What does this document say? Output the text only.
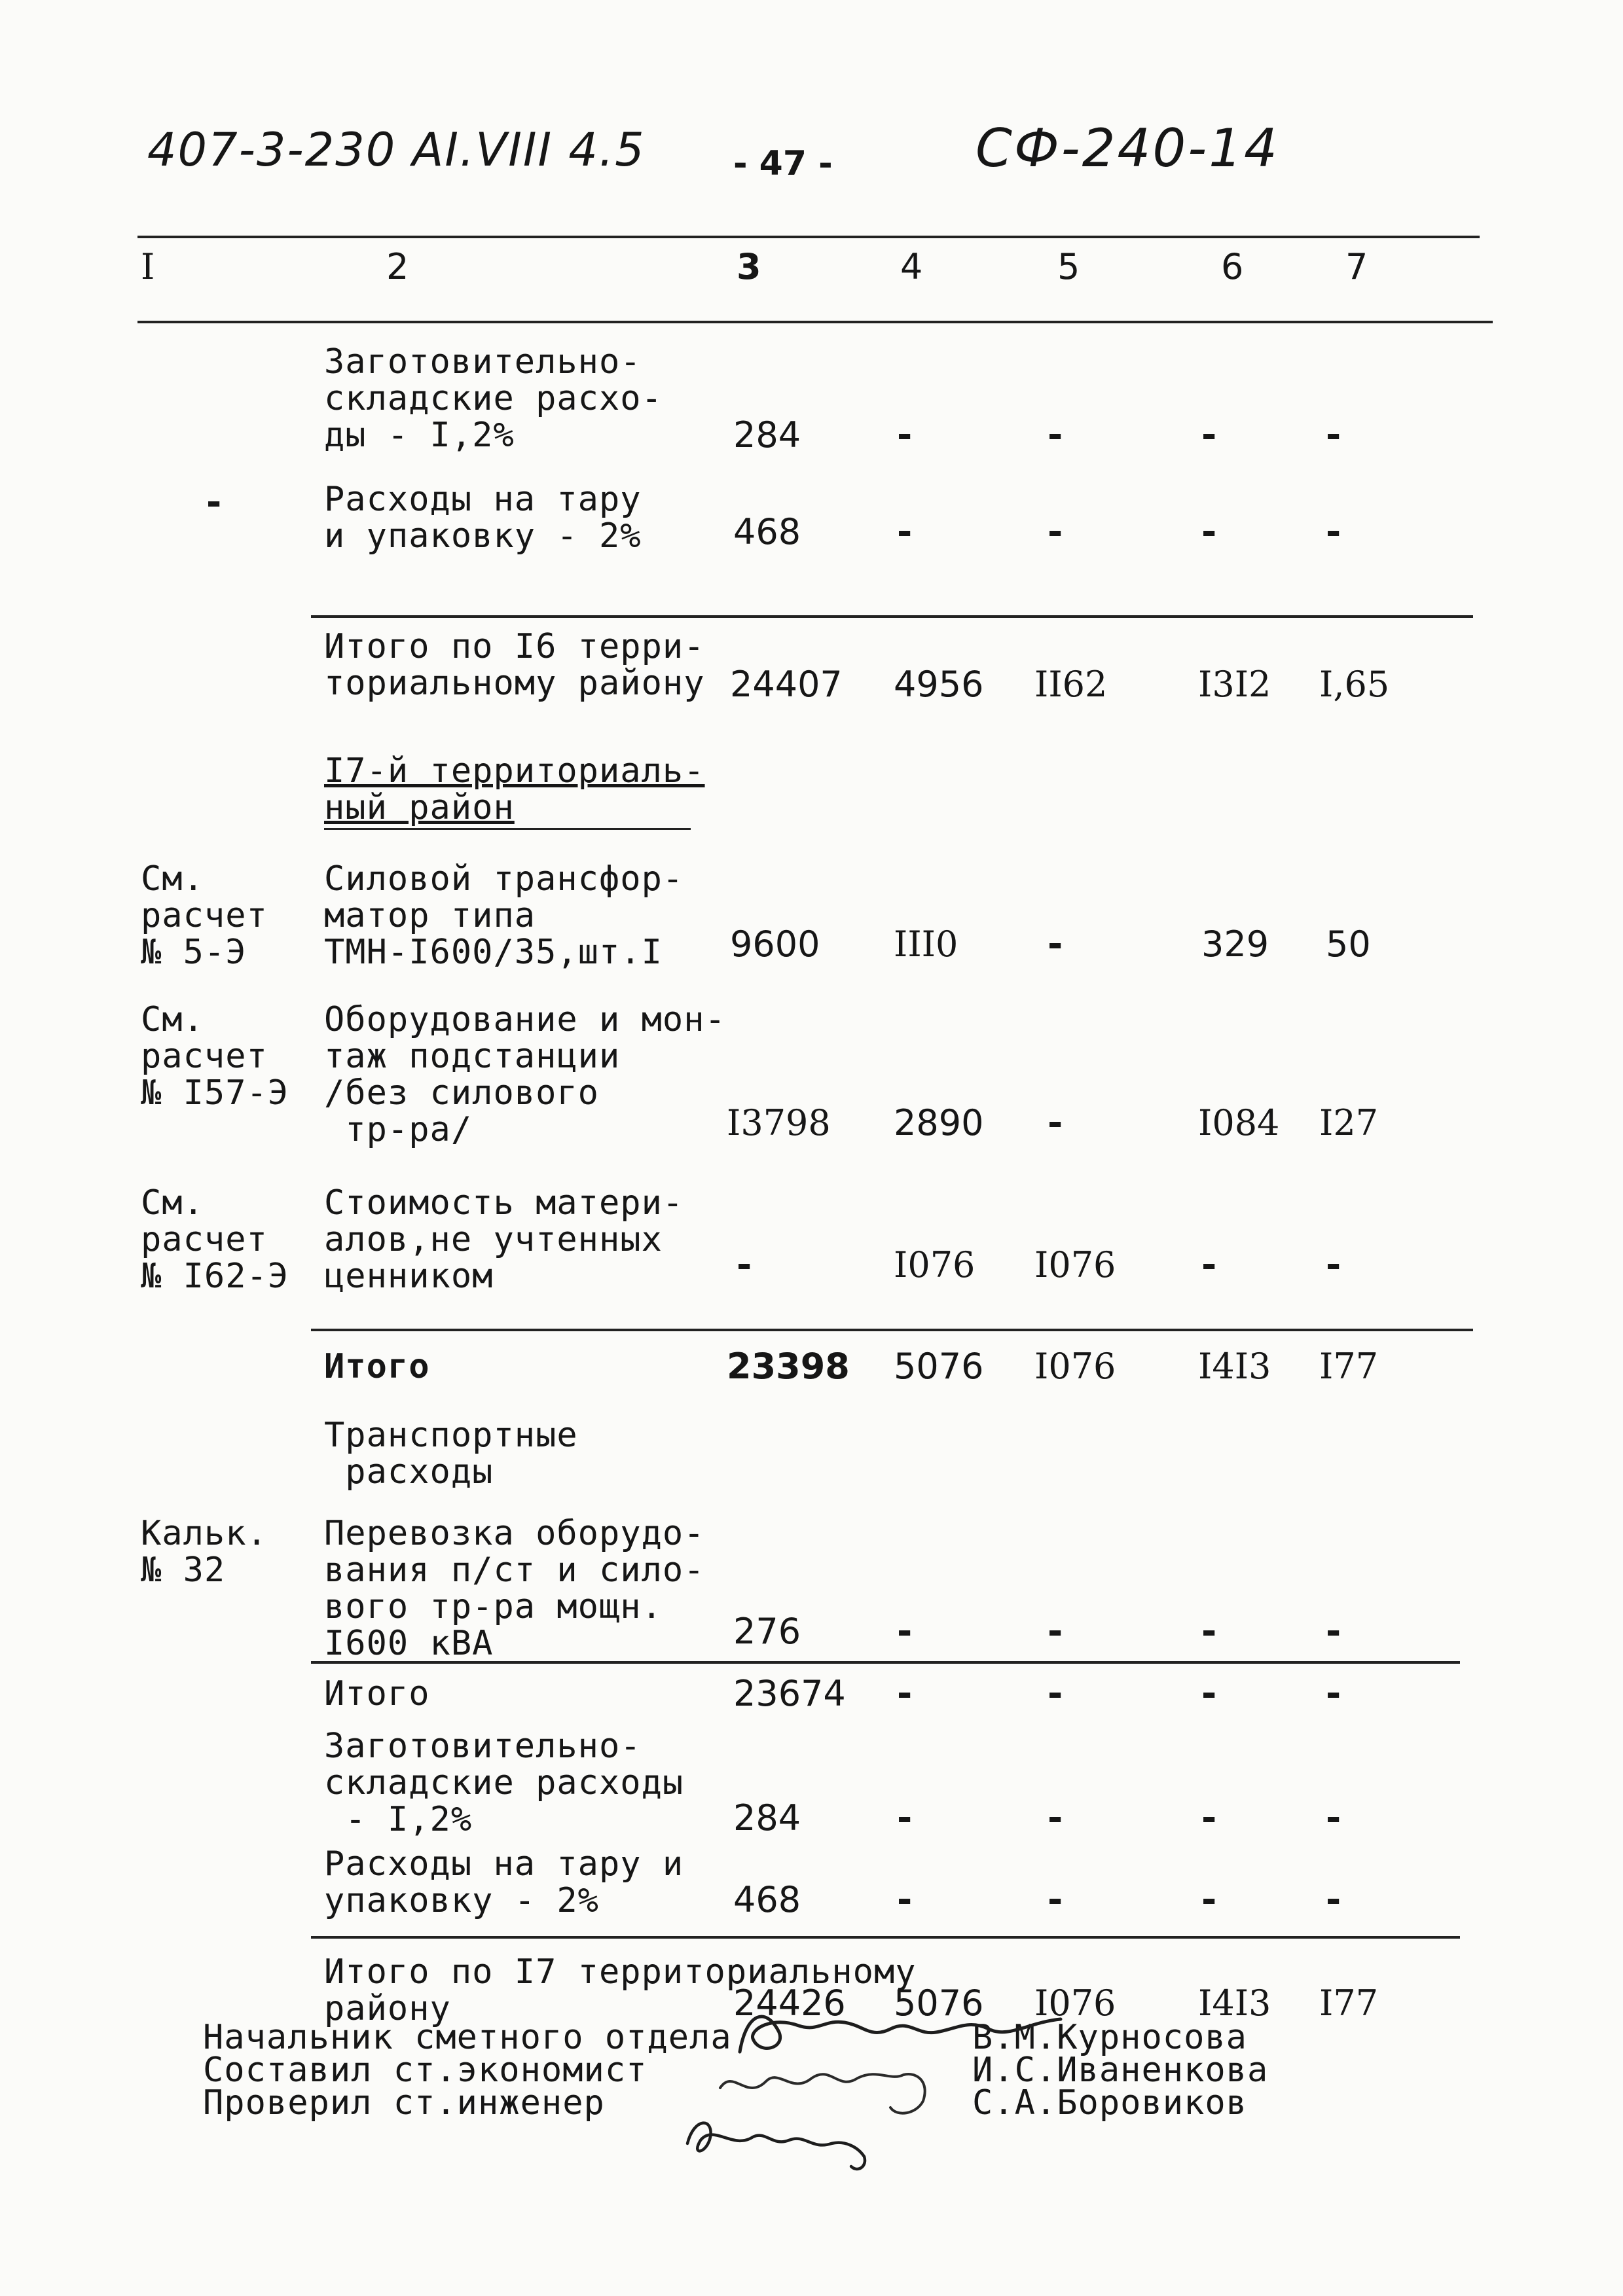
407-3-230 АI.VIII 4.5	- 47 -	СФ-240-14
I	2	3	4	5	6	7
Заготовительно-
складские расхо-
ды - I,2%	284	-	-	-	-
-	Расходы на тару
и упаковку - 2%	468	-	-	-	-
Итого по I6 терри-
ториальному району 24407 4956 II62	I3I2 I,65
I7-й территориаль-
ный район
См.
расчет
№ 5-Э
Силовой трансфор-
матор типа
ТМН-I600/35,шт.I	9600 III0 -	329 50
См.
расчет
№ I57-Э
Оборудование и мон-
таж подстанции
/без силового
тр-ра/	I3798 2890 -	I084 I27
См.
расчет
№ I62-Э
Стоимость матери-
алов,не учтенных
ценником	-	I076 I076 -	-
Итого	23398 5076 I076 I4I3 I77
Транспортные
расходы
Кальк.
№ 32
Перевозка оборудо-
вания п/ст и сило-
вого тр-ра мощн.
I600 кВА	276	-	-	-	-
Итого	23674 -	-	-	-
Заготовительно-
складские расходы
- I,2%	284	-	-	-	-
Расходы на тару и
упаковку - 2%	468	-	-	-	-
Итого по I7 территориальному
району	24426 5076 I076 I4I3 I77
Начальник сметного отдела	В.М.Курносова
Составил ст.экономист	И.С.Иваненкова
Проверил ст.инженер	С.А.Боровиков
